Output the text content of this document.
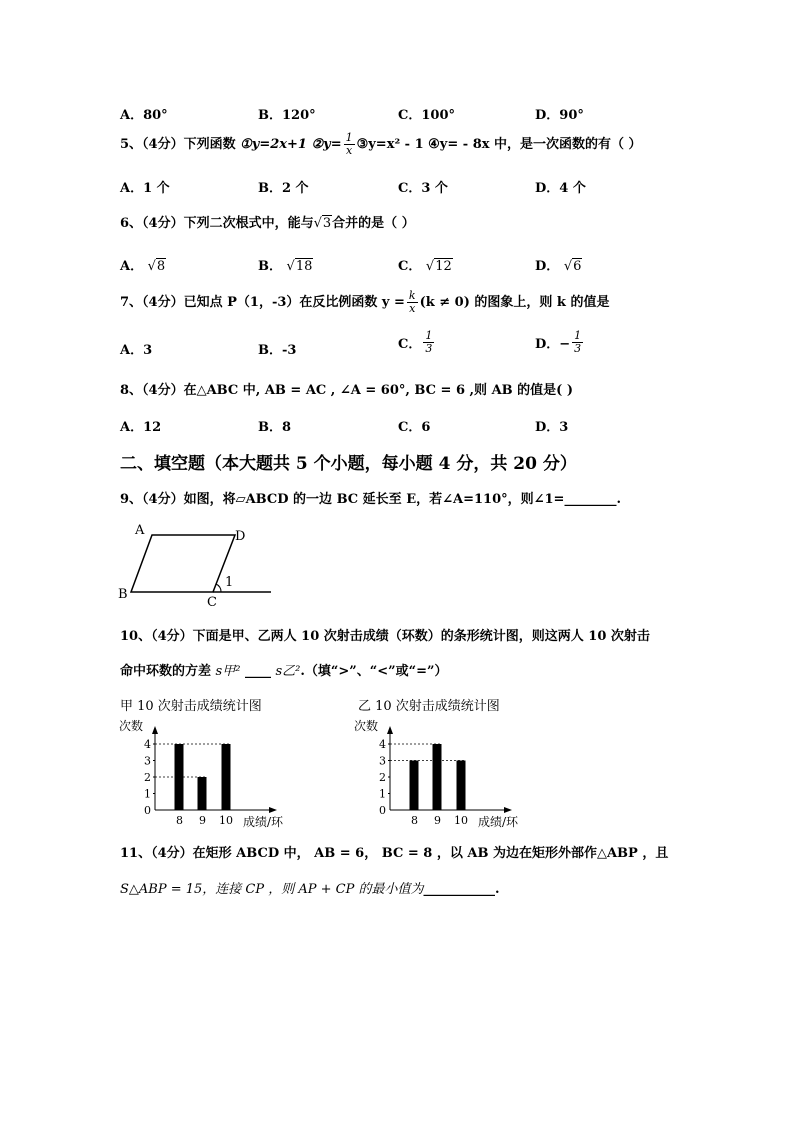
A．80°	B．120°	C．100°	D．90°
5、（4分）下列函数 ①y=2x+1 ②y= $\frac{1}{x}$ ③y=x² - 1 ④y= - 8x 中，是一次函数的有（ ）
A．1 个	B．2 个	C．3 个	D．4 个
6、（4分）下列二次根式中，能与√3合并的是（ ）
A． √8	B． √18	C． √12	D． √6
7、（4分）已知点 P（1，-3）在反比例函数 $y = \frac{k}{x} (k \ne 0)$ 的图象上，则 k 的值是
A．3	B．-3	C． $\frac{1}{3}$	D．− $\frac{1}{3}$
8、（4分）在△ABC 中, AB = AC , ∠A = 60°, BC = 6 ,则 AB 的值是( )
A．12	B．8	C．6	D．3
二、填空题（本大题共 5 个小题，每小题 4 分，共 20 分）
9、（4分）如图，将▱ABCD 的一边 BC 延长至 E，若∠A=110°，则∠1=________.
A	D
B
C
1
10、（4分）下面是甲、乙两人 10 次射击成绩（环数）的条形统计图，则这两人 10 次射击
命中环数的方差 s甲² ____ s乙².（填“>”、“<”或“=”）
甲 10 次射击成绩统计图	乙 10 次射击成绩统计图
次数
0
1
2
3
4
8 9 10 成绩/环
次数
0
1
2
3
4
8 9 10 成绩/环
11、（4分）在矩形 ABCD 中， AB = 6， BC = 8 ，以 AB 为边在矩形外部作△ABP ，且
S△ABP = 15，连接 CP ，则 AP + CP 的最小值为___________.
